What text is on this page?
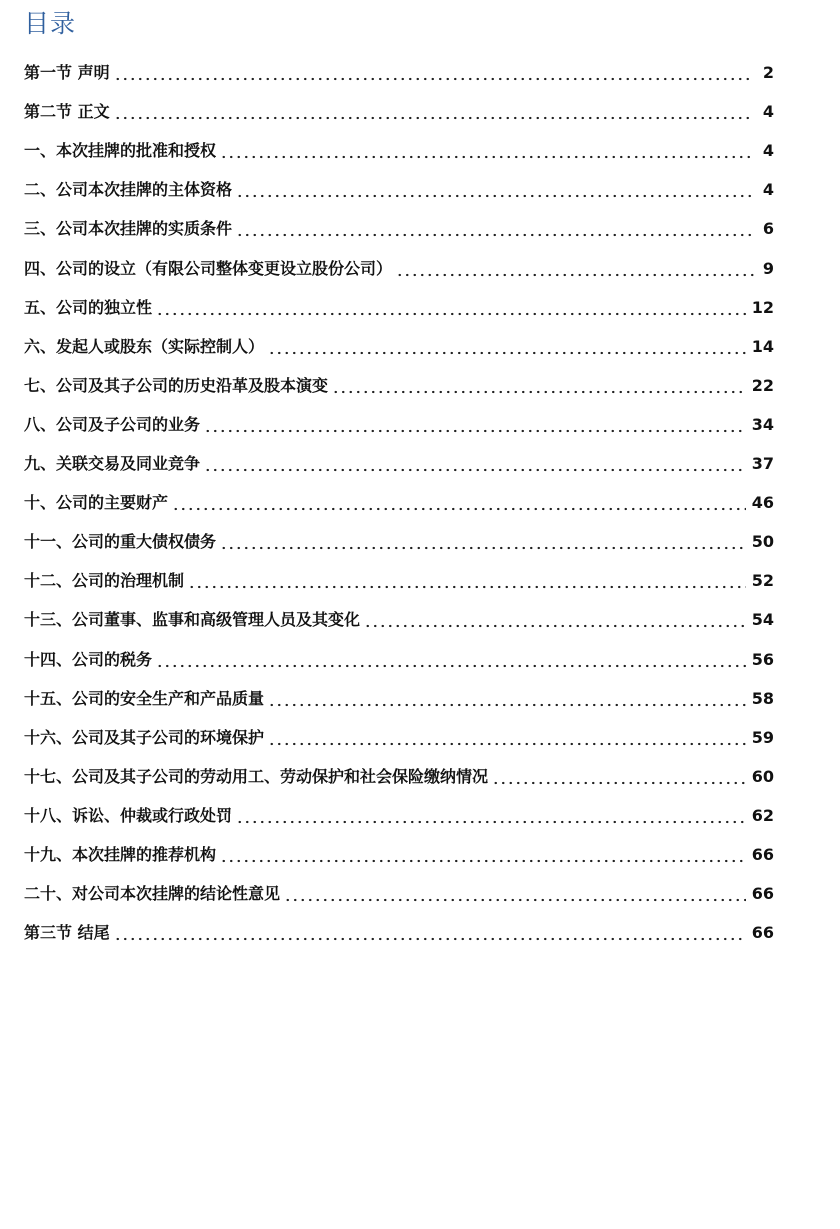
目录
第一节 声明	2
第二节 正文	4
一、本次挂牌的批准和授权	4
二、公司本次挂牌的主体资格	4
三、公司本次挂牌的实质条件	6
四、公司的设立（有限公司整体变更设立股份公司）	9
五、公司的独立性	12
六、发起人或股东（实际控制人）	14
七、公司及其子公司的历史沿革及股本演变	22
八、公司及子公司的业务	34
九、关联交易及同业竞争	37
十、公司的主要财产	46
十一、公司的重大债权债务	50
十二、公司的治理机制	52
十三、公司董事、监事和高级管理人员及其变化	54
十四、公司的税务	56
十五、公司的安全生产和产品质量	58
十六、公司及其子公司的环境保护	59
十七、公司及其子公司的劳动用工、劳动保护和社会保险缴纳情况	60
十八、诉讼、仲裁或行政处罚	62
十九、本次挂牌的推荐机构	66
二十、对公司本次挂牌的结论性意见	66
第三节 结尾	66
